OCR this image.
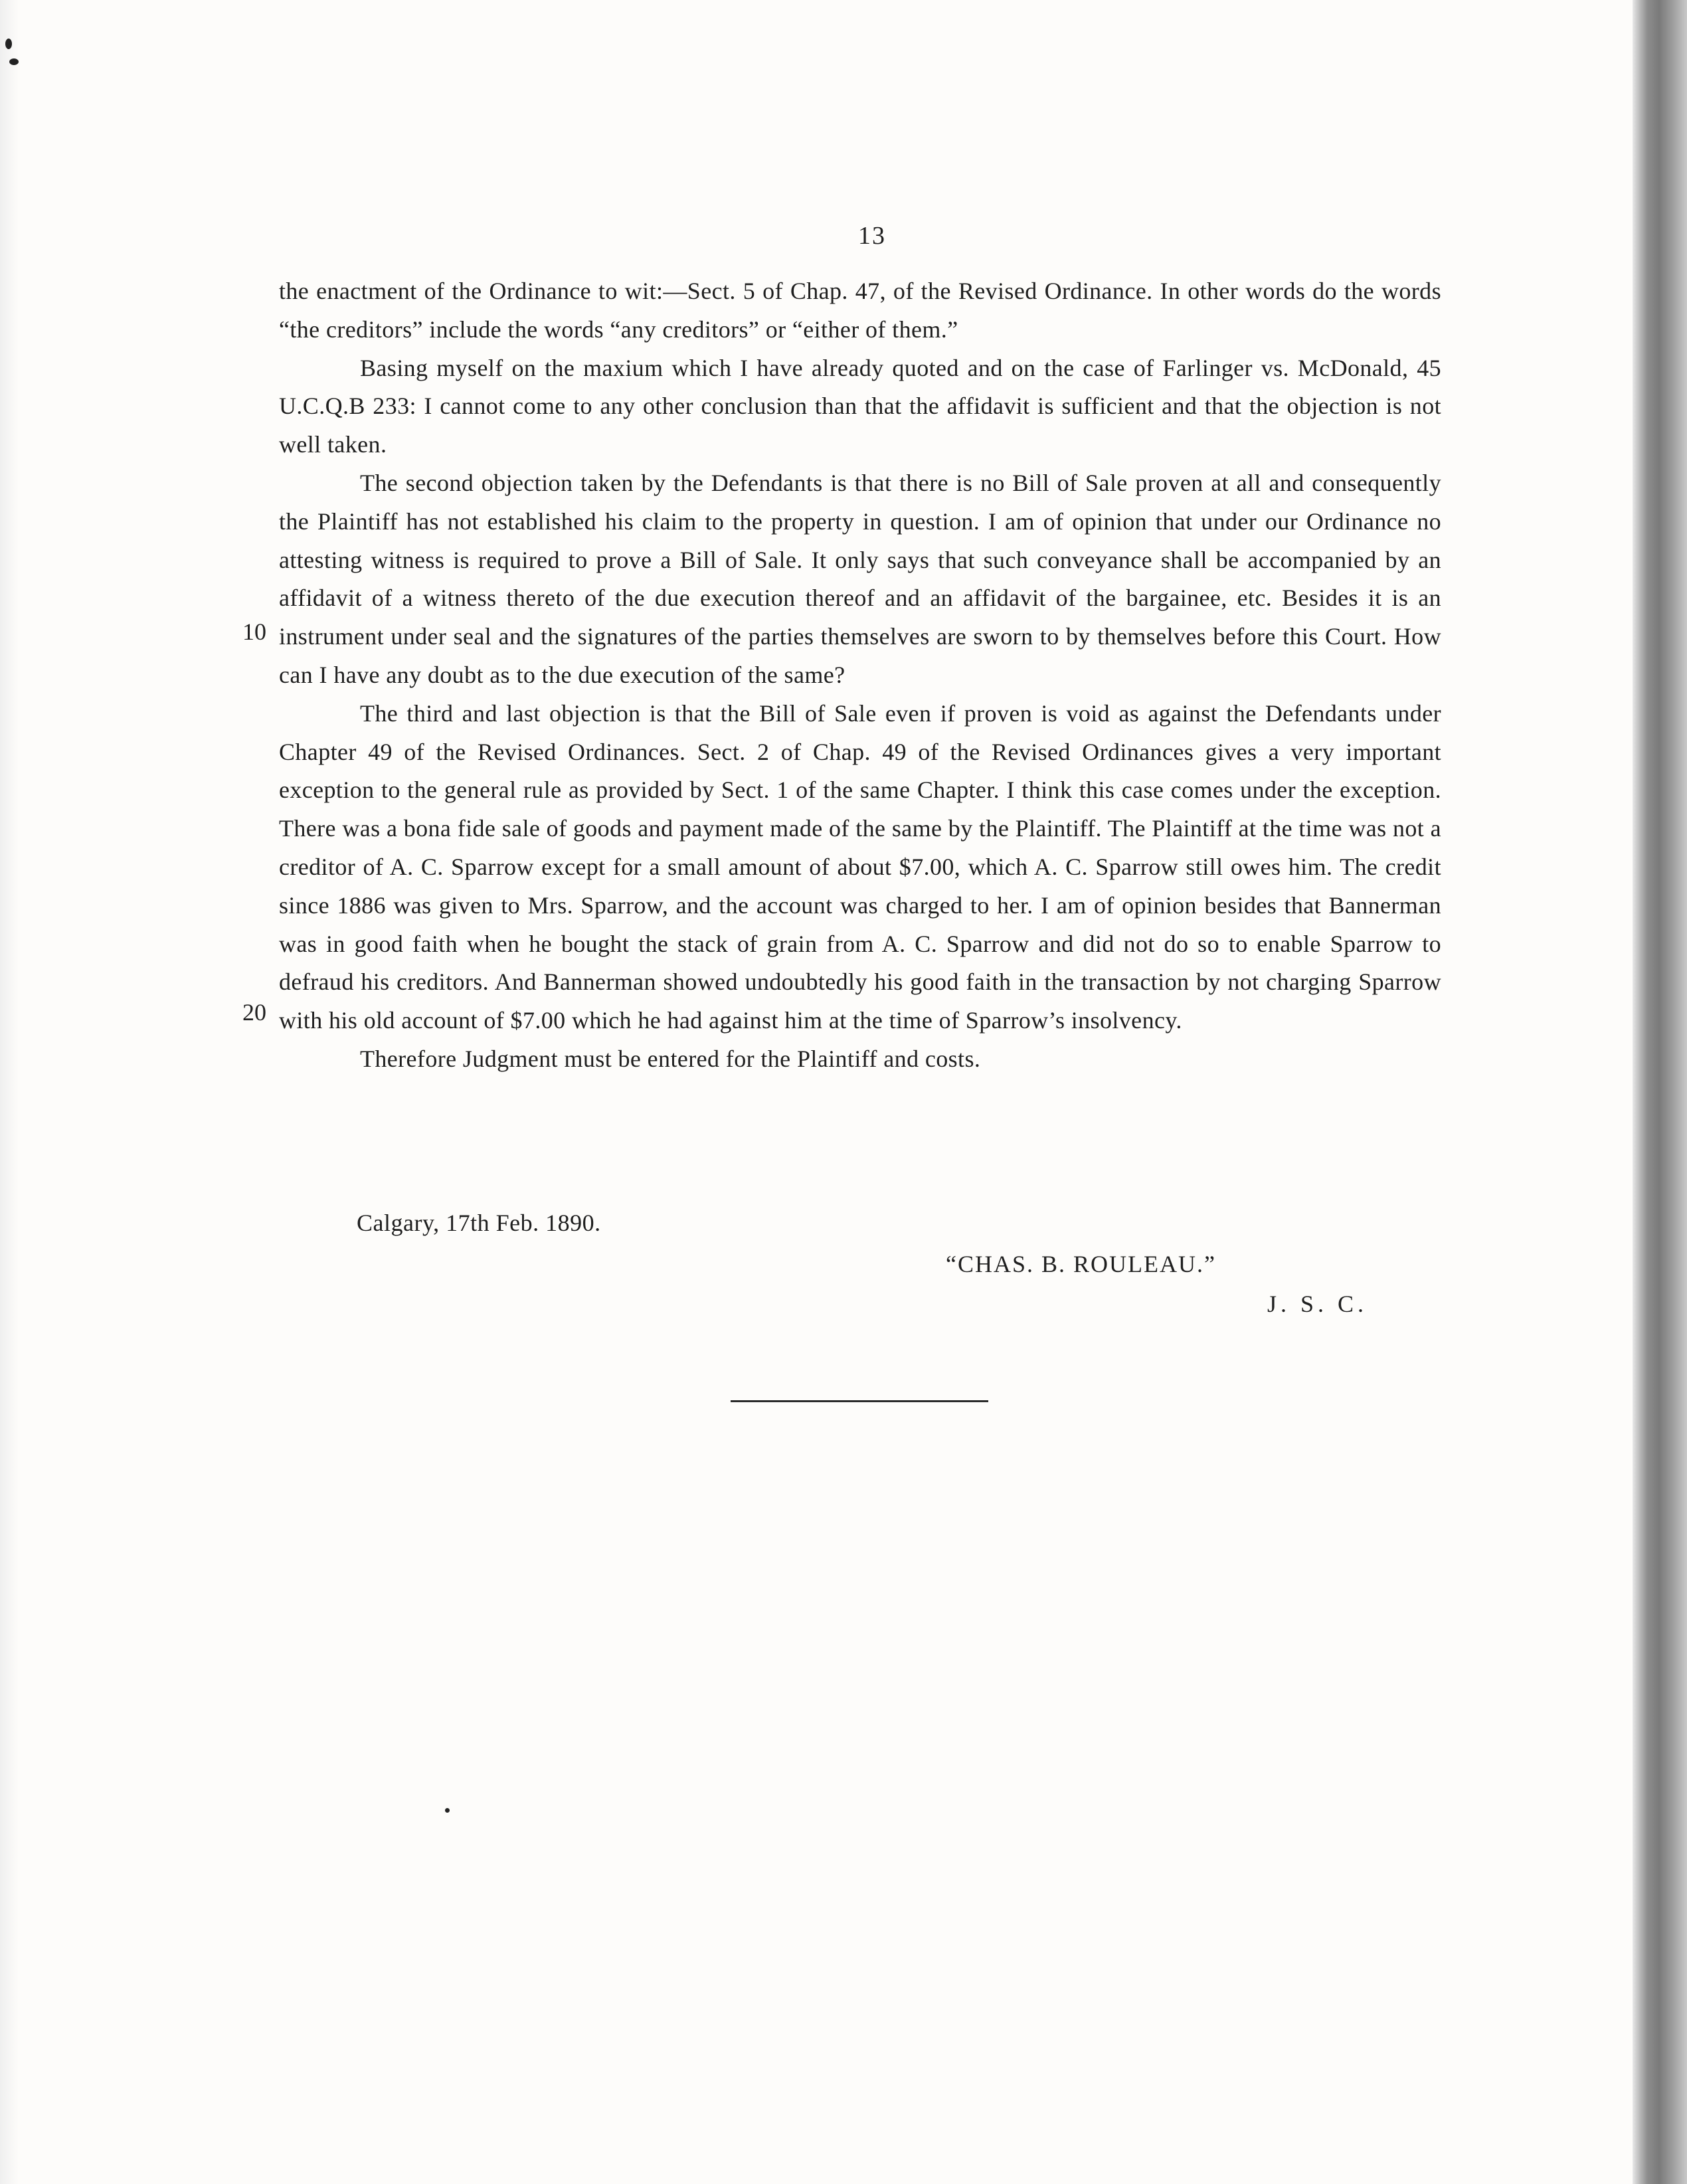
13

the enactment of the Ordinance to wit:—Sect. 5 of Chap. 47, of the Revised Ordinance. In other words do the words “the creditors” include the words “any creditors” or “either of them.”

Basing myself on the maxium which I have already quoted and on the case of Farlinger vs. McDonald, 45 U.C.Q.B 233: I cannot come to any other conclusion than that the affidavit is sufficient and that the objection is not well taken.

The second objection taken by the Defendants is that there is no Bill of Sale proven at all and consequently the Plaintiff has not established his claim to the property in question. I am of opinion that under our Ordinance no attesting witness is required to prove a Bill of Sale. It only says that such conveyance shall be accompanied by an affidavit of a witness thereto of the due execution thereof and an affidavit of the bargainee, etc. Besides it is an instrument under seal and the signatures of the parties themselves are sworn to by themselves before this Court. How can I have any doubt as to the due execution of the same?

The third and last objection is that the Bill of Sale even if proven is void as against the Defendants under Chapter 49 of the Revised Ordinances. Sect. 2 of Chap. 49 of the Revised Ordinances gives a very important exception to the general rule as provided by Sect. 1 of the same Chapter. I think this case comes under the exception. There was a bona fide sale of goods and payment made of the same by the Plaintiff. The Plaintiff at the time was not a creditor of A. C. Sparrow except for a small amount of about $7.00, which A. C. Sparrow still owes him. The credit since 1886 was given to Mrs. Sparrow, and the account was charged to her. I am of opinion besides that Bannerman was in good faith when he bought the stack of grain from A. C. Sparrow and did not do so to enable Sparrow to defraud his creditors. And Bannerman showed undoubtedly his good faith in the transaction by not charging Sparrow with his old account of $7.00 which he had against him at the time of Sparrow’s insolvency.

Therefore Judgment must be entered for the Plaintiff and costs.

10
20
Calgary, 17th Feb. 1890.
“CHAS. B. ROULEAU.”
J. S. C.
